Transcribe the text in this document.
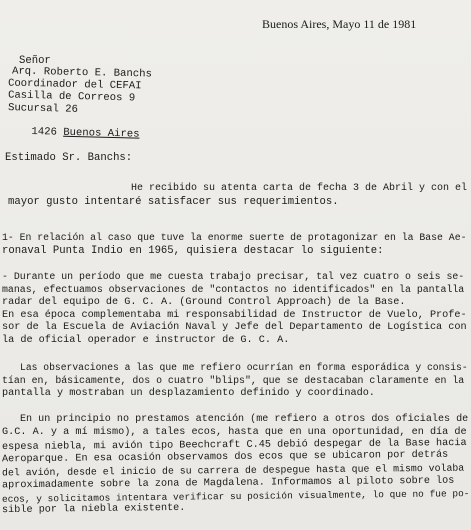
Buenos Aires, Mayo 11 de 1981
Señor
Arq. Roberto E. Banchs
Coordinador del CEFAI
Casilla de Correos 9
Sucursal 26

1426 Buenos Aires

Estimado Sr. Banchs:
He recibido su atenta carta de fecha 3 de Abril y con el
mayor gusto intentaré satisfacer sus requerimientos.
1- En relación al caso que tuve la enorme suerte de protagonizar en la Base Ae-
ronaval Punta Indio en 1965, quisiera destacar lo siguiente:
- Durante un período que me cuesta trabajo precisar, tal vez cuatro o seis se-
manas, efectuamos observaciones de "contactos no identificados" en la pantalla
radar del equipo de G. C. A. (Ground Control Approach) de la Base.
En esa época complementaba mi responsabilidad de Instructor de Vuelo, Profe-
sor de la Escuela de Aviación Naval y Jefe del Departamento de Logística con
la de oficial operador e instructor de G. C. A.
Las observaciones a las que me refiero ocurrían en forma esporádica y consis-
tían en, básicamente, dos o cuatro "blips", que se destacaban claramente en la
pantalla y mostraban un desplazamiento definido y coordinado.
En un principio no prestamos atención (me refiero a otros dos oficiales de
G.C. A. y a mí mismo), a tales ecos, hasta que en una oportunidad, en día de
espesa niebla, mi avión tipo Beechcraft C.45 debió despegar de la Base hacia
Aeroparque. En esa ocasión observamos dos ecos que se ubicaron por detrás
del avión, desde el inicio de su carrera de despegue hasta que el mismo volaba
aproximadamente sobre la zona de Magdalena. Informamos al piloto sobre los
ecos, y solicitamos intentara verificar su posición visualmente, lo que no fue po-
sible por la niebla existente.
